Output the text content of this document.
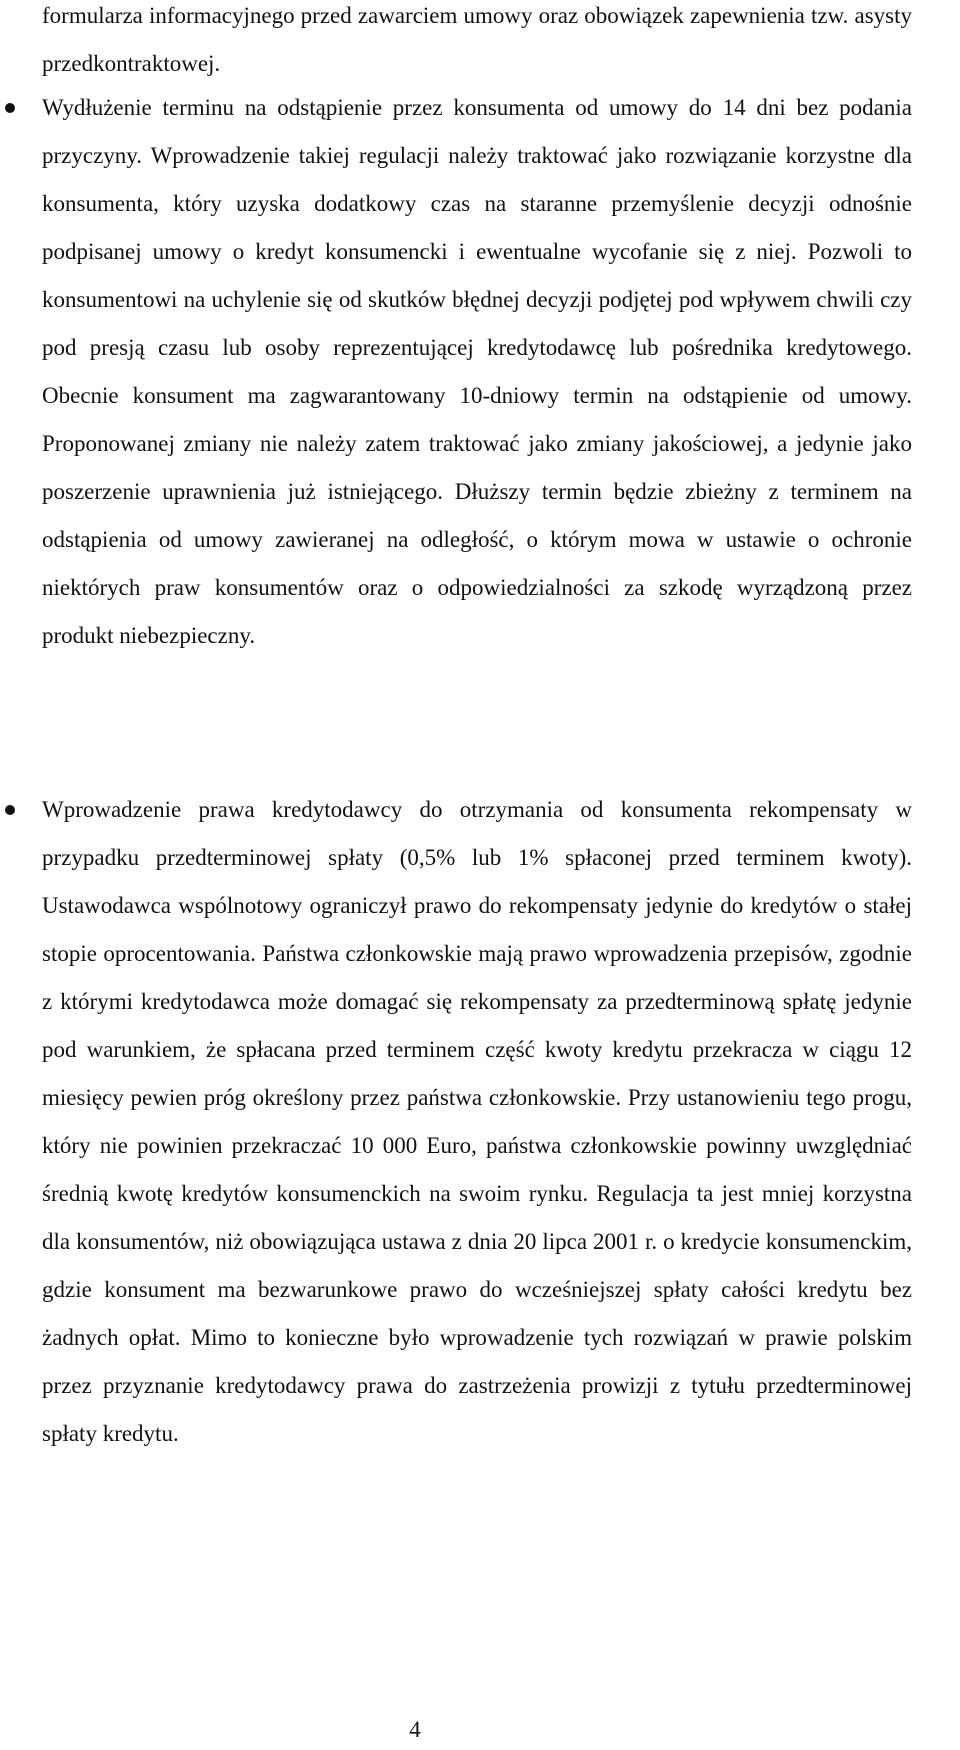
formularza informacyjnego przed zawarciem umowy oraz obowiązek zapewnienia tzw. asysty przedkontraktowej.
Wydłużenie terminu na odstąpienie przez konsumenta od umowy do 14 dni bez podania przyczyny. Wprowadzenie takiej regulacji należy traktować jako rozwiązanie korzystne dla konsumenta, który uzyska dodatkowy czas na staranne przemyślenie decyzji odnośnie podpisanej umowy o kredyt konsumencki i ewentualne wycofanie się z niej. Pozwoli to konsumentowi na uchylenie się od skutków błędnej decyzji podjętej pod wpływem chwili czy pod presją czasu lub osoby reprezentującej kredytodawcę lub pośrednika kredytowego. Obecnie konsument ma zagwarantowany 10-dniowy termin na odstąpienie od umowy. Proponowanej zmiany nie należy zatem traktować jako zmiany jakościowej, a jedynie jako poszerzenie uprawnienia już istniejącego. Dłuższy termin będzie zbieżny z terminem na odstąpienia od umowy zawieranej na odległość, o którym mowa w ustawie o ochronie niektórych praw konsumentów oraz o odpowiedzialności za szkodę wyrządzoną przez produkt niebezpieczny.
Wprowadzenie prawa kredytodawcy do otrzymania od konsumenta rekompensaty w przypadku przedterminowej spłaty (0,5% lub 1% spłaconej przed terminem kwoty). Ustawodawca wspólnotowy ograniczył prawo do rekompensaty jedynie do kredytów o stałej stopie oprocentowania. Państwa członkowskie mają prawo wprowadzenia przepisów, zgodnie z którymi kredytodawca może domagać się rekompensaty za przedterminową spłatę jedynie pod warunkiem, że spłacana przed terminem część kwoty kredytu przekracza w ciągu 12 miesięcy pewien próg określony przez państwa członkowskie. Przy ustanowieniu tego progu, który nie powinien przekraczać 10 000 Euro, państwa członkowskie powinny uwzględniać średnią kwotę kredytów konsumenckich na swoim rynku. Regulacja ta jest mniej korzystna dla konsumentów, niż obowiązująca ustawa z dnia 20 lipca 2001 r. o kredycie konsumenckim, gdzie konsument ma bezwarunkowe prawo do wcześniejszej spłaty całości kredytu bez żadnych opłat. Mimo to konieczne było wprowadzenie tych rozwiązań w prawie polskim przez przyznanie kredytodawcy prawa do zastrzeżenia prowizji z tytułu przedterminowej spłaty kredytu.
4
